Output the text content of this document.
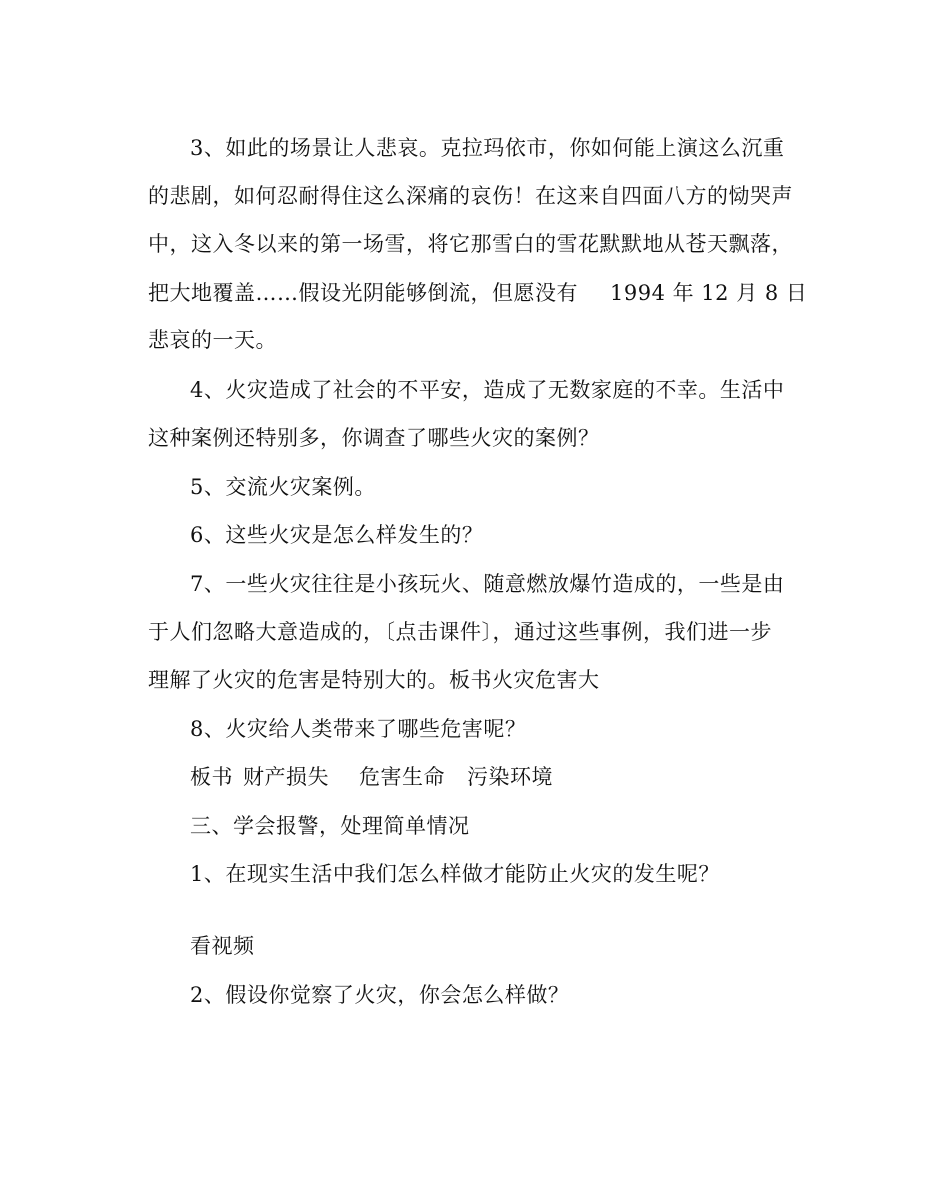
3、如此的场景让人悲哀。克拉玛依市，你如何能上演这么沉重
的悲剧，如何忍耐得住这么深痛的哀伤！在这来自四面八方的恸哭声
中，这入冬以来的第一场雪，将它那雪白的雪花默默地从苍天飘落，
把大地覆盖……假设光阴能够倒流，但愿没有 1994 年 12 月 8 日
悲哀的一天。
4、火灾造成了社会的不平安，造成了无数家庭的不幸。生活中
这种案例还特别多，你调查了哪些火灾的案例？
5、交流火灾案例。
6、这些火灾是怎么样发生的？
7、一些火灾往往是小孩玩火、随意燃放爆竹造成的，一些是由
于人们忽略大意造成的，〔点击课件〕，通过这些事例，我们进一步
理解了火灾的危害是特别大的。板书火灾危害大
8、火灾给人类带来了哪些危害呢？
板书 财产损失 危害生命 污染环境
三、学会报警，处理简单情况
1、在现实生活中我们怎么样做才能防止火灾的发生呢？
看视频
2、假设你觉察了火灾，你会怎么样做？
